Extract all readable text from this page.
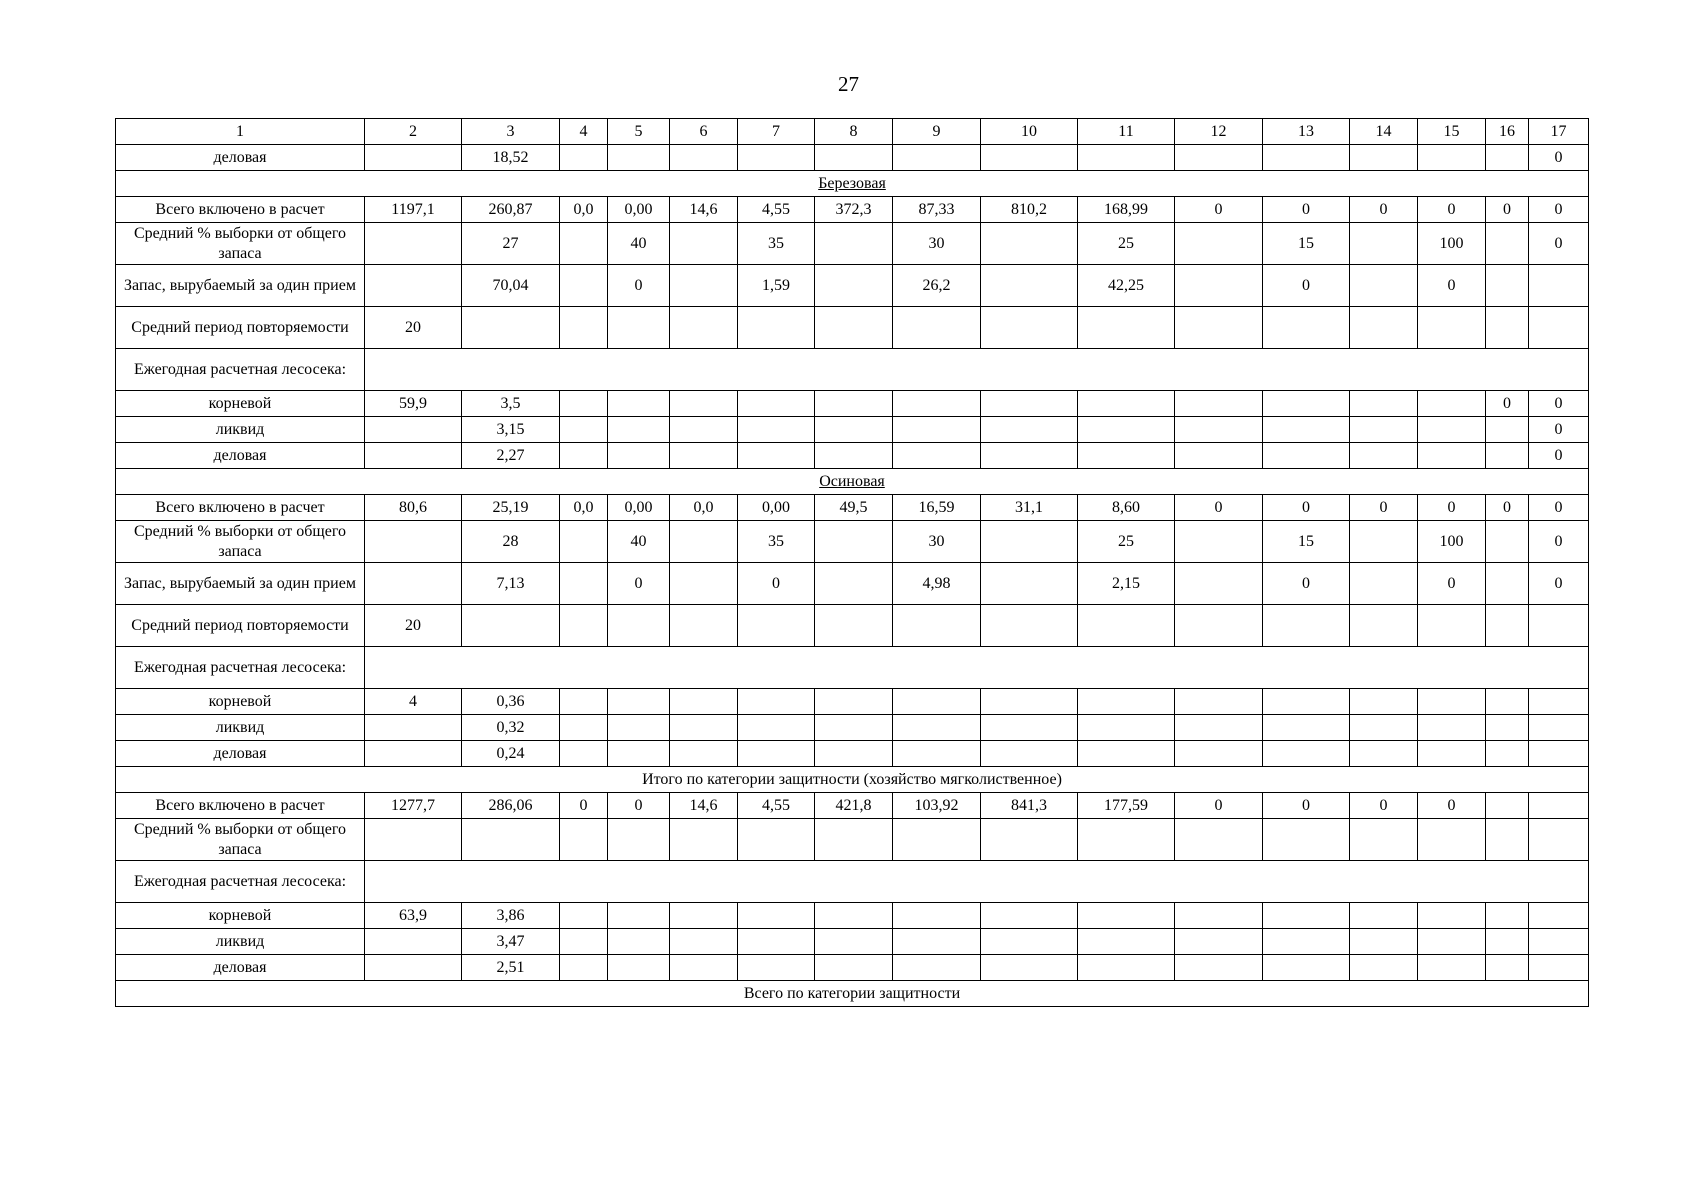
27
1	2	3	4	5	6	7	8	9	10	11	12	13	14	15	16	17
деловая		18,52														0
Березовая																
Всего включено в расчет	1197,1	260,87	0,0	0,00	14,6	4,55	372,3	87,33	810,2	168,99	0	0	0	0	0	0
Средний % выборки от общего запаса		27		40		35		30		25		15		100		0
Запас, вырубаемый за один прием		70,04		0		1,59		26,2		42,25		0		0		
Средний период повторяемости	20															
Ежегодная расчетная лесосека:																
корневой	59,9	3,5													0	0
ликвид		3,15														0
деловая		2,27														0
Осиновая																
Всего включено в расчет	80,6	25,19	0,0	0,00	0,0	0,00	49,5	16,59	31,1	8,60	0	0	0	0	0	0
Средний % выборки от общего запаса		28		40		35		30		25		15		100		0
Запас, вырубаемый за один прием		7,13		0		0		4,98		2,15		0		0		0
Средний период повторяемости	20															
Ежегодная расчетная лесосека:																
корневой	4	0,36														
ликвид		0,32														
деловая		0,24														
Итого по категории защитности (хозяйство мягколиственное)																
Всего включено в расчет	1277,7	286,06	0	0	14,6	4,55	421,8	103,92	841,3	177,59	0	0	0	0		
Средний % выборки от общего запаса																
Ежегодная расчетная лесосека:																
корневой	63,9	3,86														
ликвид		3,47														
деловая		2,51														
Всего по категории защитности																
